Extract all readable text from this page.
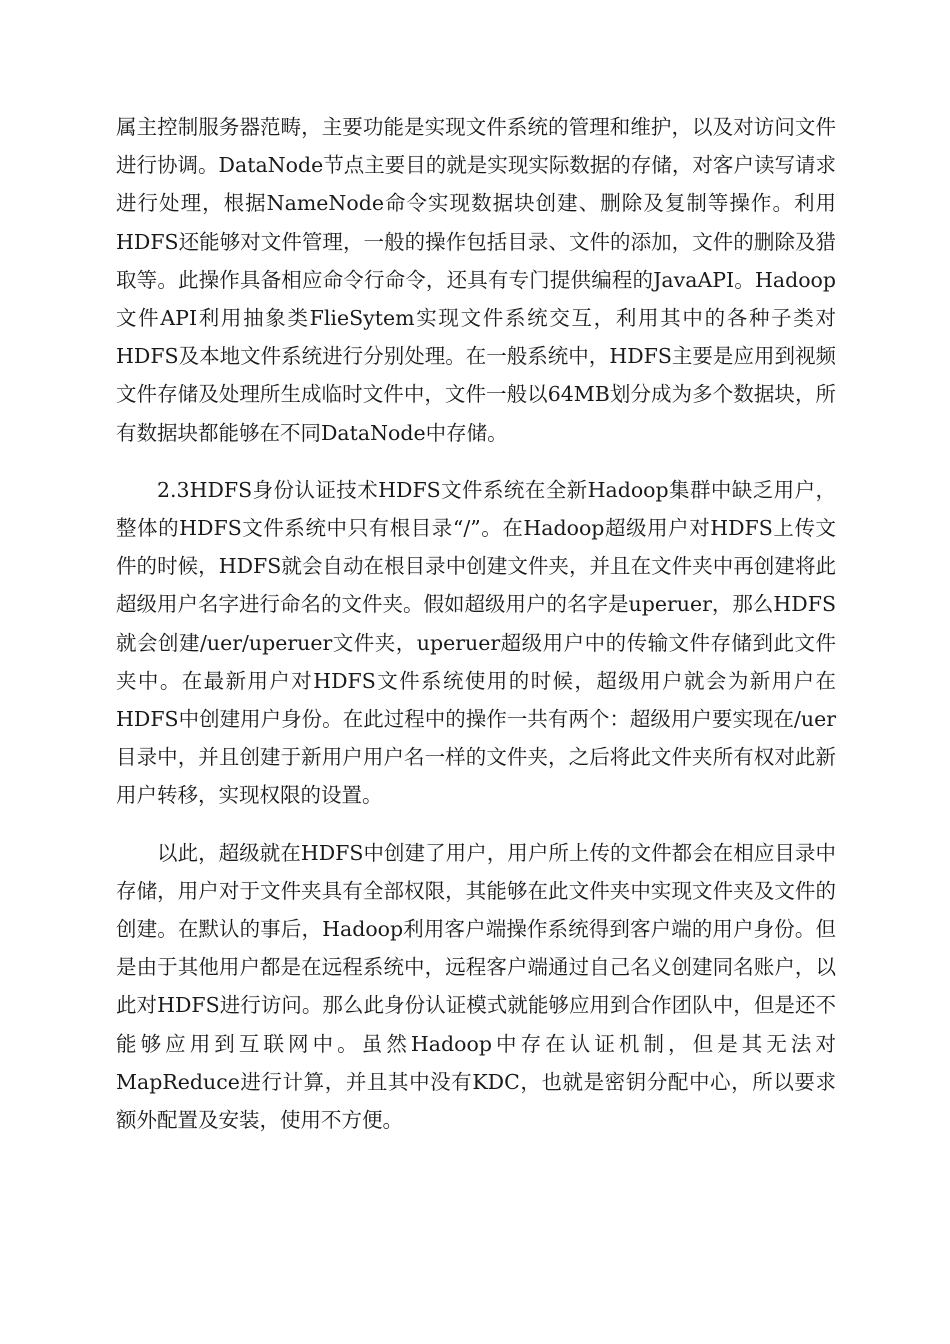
属主控制服务器范畴，主要功能是实现文件系统的管理和维护，以及对访问文件进行协调。DataNode节点主要目的就是实现实际数据的存储，对客户读写请求进行处理，根据NameNode命令实现数据块创建、删除及复制等操作。利用HDFS还能够对文件管理，一般的操作包括目录、文件的添加，文件的删除及猎取等。此操作具备相应命令行命令，还具有专门提供编程的JavaAPI。Hadoop文件API利用抽象类FlieSytem实现文件系统交互，利用其中的各种子类对HDFS及本地文件系统进行分别处理。在一般系统中，HDFS主要是应用到视频文件存储及处理所生成临时文件中，文件一般以64MB划分成为多个数据块，所有数据块都能够在不同DataNode中存储。

2.3HDFS身份认证技术HDFS文件系统在全新Hadoop集群中缺乏用户，整体的HDFS文件系统中只有根目录“/”。在Hadoop超级用户对HDFS上传文件的时候，HDFS就会自动在根目录中创建文件夹，并且在文件夹中再创建将此超级用户名字进行命名的文件夹。假如超级用户的名字是uperuer，那么HDFS就会创建/uer/uperuer文件夹，uperuer超级用户中的传输文件存储到此文件夹中。在最新用户对HDFS文件系统使用的时候，超级用户就会为新用户在HDFS中创建用户身份。在此过程中的操作一共有两个：超级用户要实现在/uer目录中，并且创建于新用户用户名一样的文件夹，之后将此文件夹所有权对此新用户转移，实现权限的设置。

以此，超级就在HDFS中创建了用户，用户所上传的文件都会在相应目录中存储，用户对于文件夹具有全部权限，其能够在此文件夹中实现文件夹及文件的创建。在默认的事后，Hadoop利用客户端操作系统得到客户端的用户身份。但是由于其他用户都是在远程系统中，远程客户端通过自己名义创建同名账户，以此对HDFS进行访问。那么此身份认证模式就能够应用到合作团队中，但是还不能够应用到互联网中。虽然Hadoop中存在认证机制，但是其无法对MapReduce进行计算，并且其中没有KDC，也就是密钥分配中心，所以要求额外配置及安装，使用不方便。
